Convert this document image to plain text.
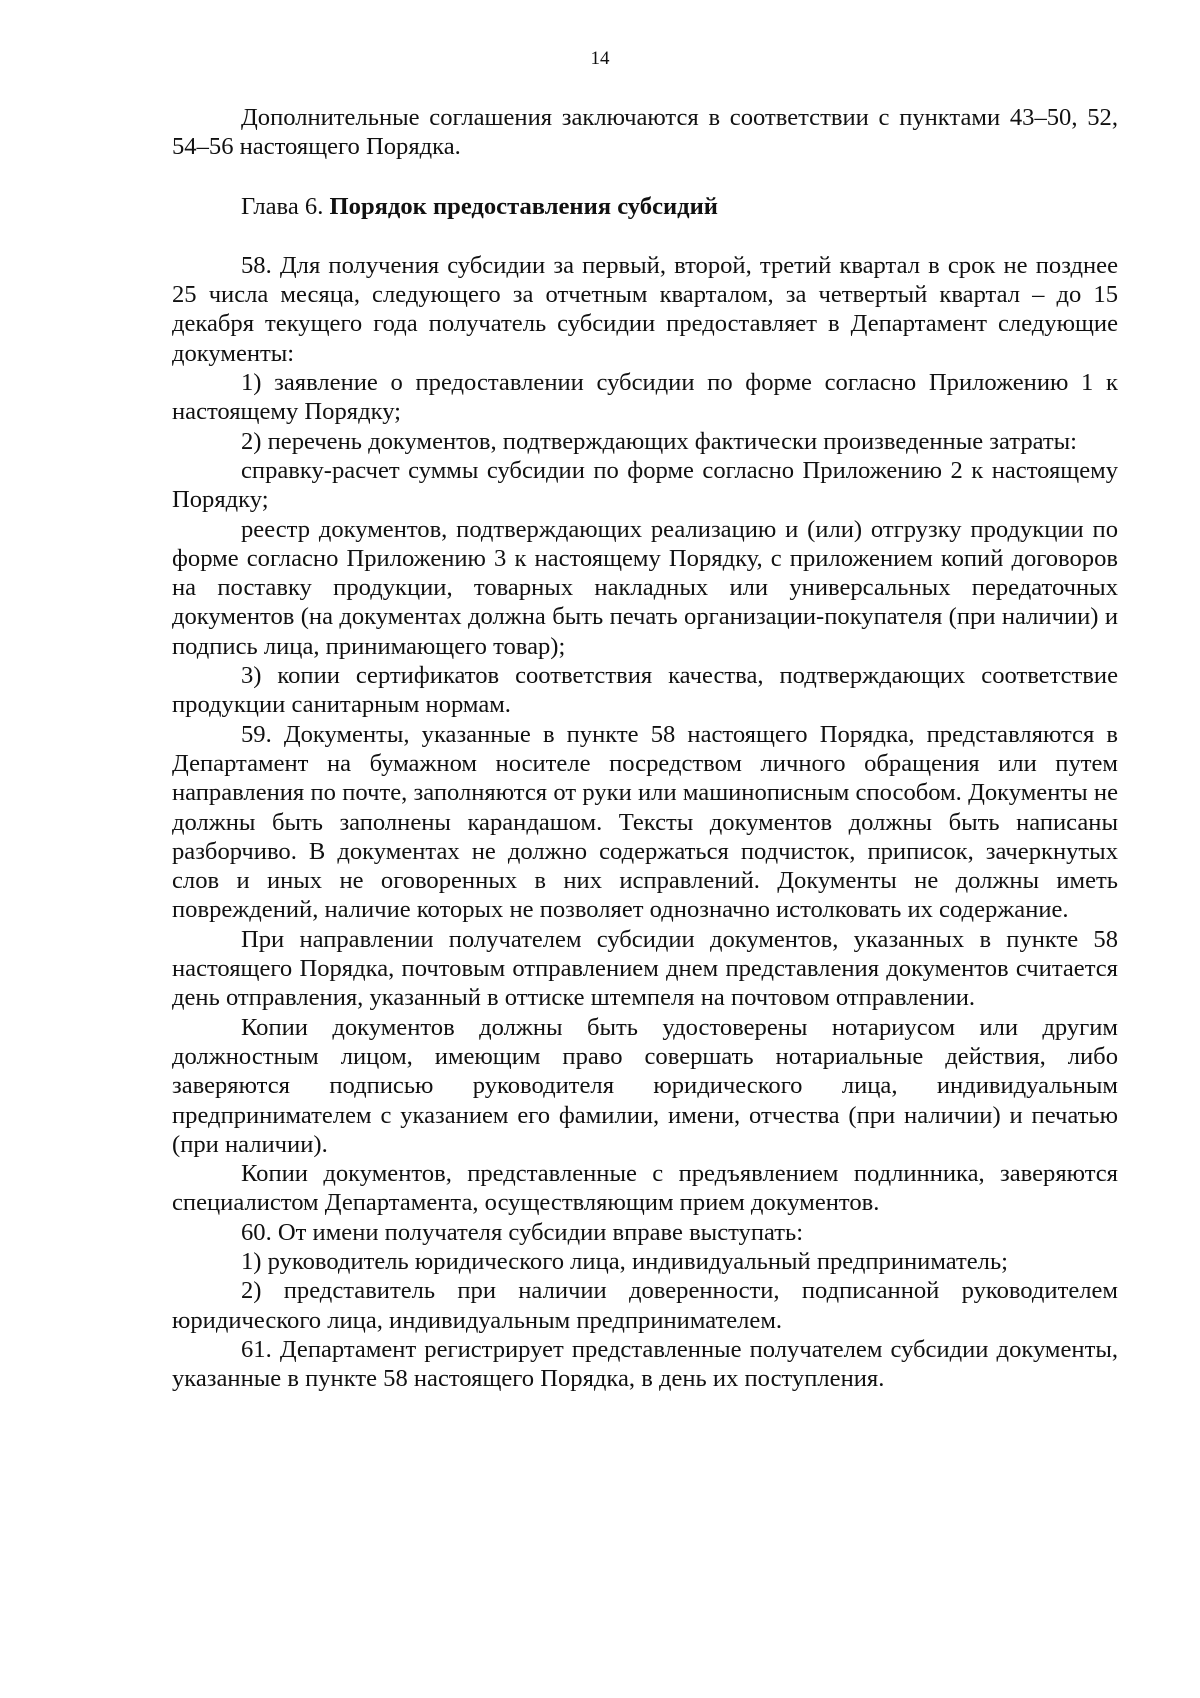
14

Дополнительные соглашения заключаются в соответствии с пунктами 43–50, 52, 54–56 настоящего Порядка.

Глава 6. Порядок предоставления субсидий

58. Для получения субсидии за первый, второй, третий квартал в срок не позднее 25 числа месяца, следующего за отчетным кварталом, за четвертый квартал – до 15 декабря текущего года получатель субсидии предоставляет в Департамент следующие документы:

1) заявление о предоставлении субсидии по форме согласно Приложению 1 к настоящему Порядку;

2) перечень документов, подтверждающих фактически произведенные затраты:

справку-расчет суммы субсидии по форме согласно Приложению 2 к настоящему Порядку;

реестр документов, подтверждающих реализацию и (или) отгрузку продукции по форме согласно Приложению 3 к настоящему Порядку, с приложением копий договоров на поставку продукции, товарных накладных или универсальных передаточных документов (на документах должна быть печать организации-покупателя (при наличии) и подпись лица, принимающего товар);

3) копии сертификатов соответствия качества, подтверждающих соответствие продукции санитарным нормам.

59. Документы, указанные в пункте 58 настоящего Порядка, представляются в Департамент на бумажном носителе посредством личного обращения или путем направления по почте, заполняются от руки или машинописным способом. Документы не должны быть заполнены карандашом. Тексты документов должны быть написаны разборчиво. В документах не должно содержаться подчисток, приписок, зачеркнутых слов и иных не оговоренных в них исправлений. Документы не должны иметь повреждений, наличие которых не позволяет однозначно истолковать их содержание.

При направлении получателем субсидии документов, указанных в пункте 58 настоящего Порядка, почтовым отправлением днем представления документов считается день отправления, указанный в оттиске штемпеля на почтовом отправлении.

Копии документов должны быть удостоверены нотариусом или другим должностным лицом, имеющим право совершать нотариальные действия, либо заверяются подписью руководителя юридического лица, индивидуальным предпринимателем с указанием его фамилии, имени, отчества (при наличии) и печатью (при наличии).

Копии документов, представленные с предъявлением подлинника, заверяются специалистом Департамента, осуществляющим прием документов.

60. От имени получателя субсидии вправе выступать:

1) руководитель юридического лица, индивидуальный предприниматель;

2) представитель при наличии доверенности, подписанной руководителем юридического лица, индивидуальным предпринимателем.

61. Департамент регистрирует представленные получателем субсидии документы, указанные в пункте 58 настоящего Порядка, в день их поступления.
